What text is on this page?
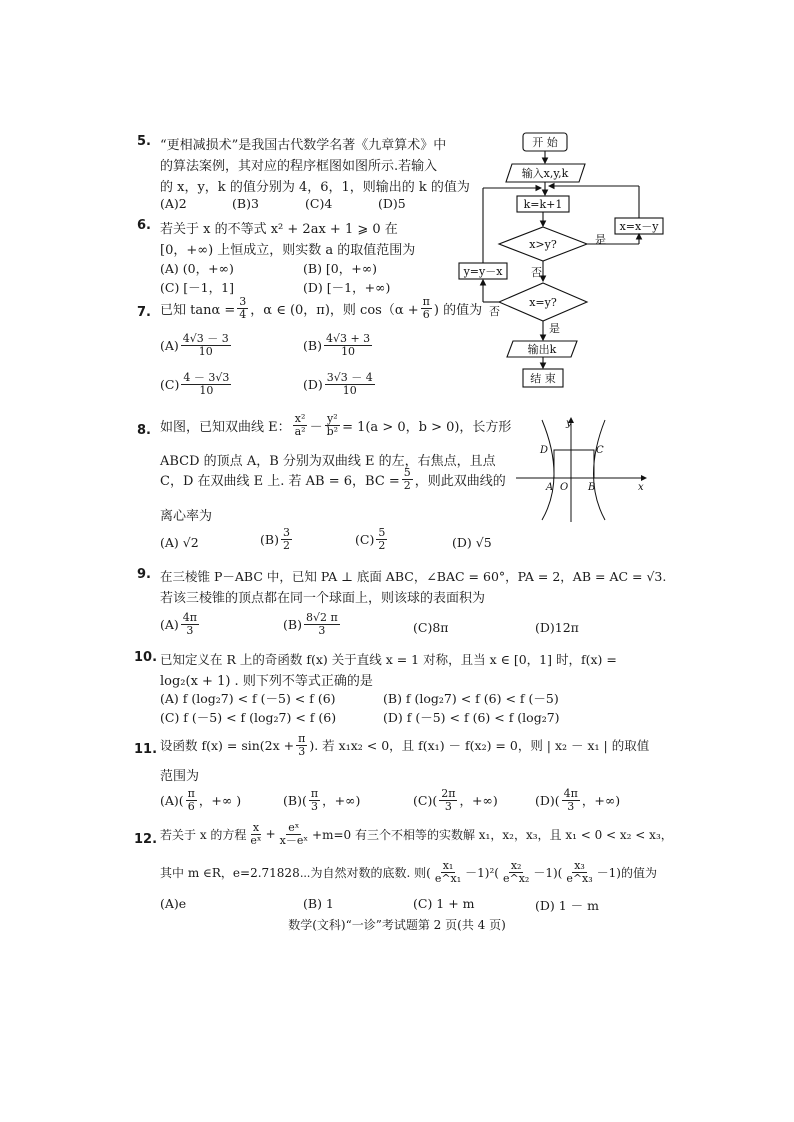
5. “更相减损术”是我国古代数学名著《九章算术》中
的算法案例，其对应的程序框图如图所示.若输入
的 x，y，k 的值分别为 4，6，1，则输出的 k 的值为
(A)2	(B)3	(C)4	(D)5
开 始
输入x,y,k
k=k+1
x>y?
x=x－y
是
否
y=y－x
x=y?
否
是
输出k
结 束
6. 若关于 x 的不等式 x² + 2ax + 1 ⩾ 0 在
[0，+∞) 上恒成立，则实数 a 的取值范围为
(A) (0，+∞)	(B) [0，+∞)
(C) [－1，1]	(D) [－1，+∞)
7. 已知 $\tan\alpha = \frac{3}{4}$ ，α ∈ (0，π)，则 $\cos(\alpha + \frac{\pi}{6}$ ) 的值为
$(A) \frac{4√3 - 3}{10}$	$(B) \frac{4√3 + 3}{10}$
$(C) \frac{4 - 3√3}{10}$	$(D) \frac{3√3 - 4}{10}$
8. 如图，已知双曲线 E： $\frac{\text{x²}}{\text{a²}} - \frac{\text{y²}}{\text{b²}} = 1(a > 0$，b > 0)，长方形
ABCD 的顶点 A，B 分别为双曲线 E 的左，右焦点，且点
C，D 在双曲线 E 上. 若 AB = 6，BC = $\frac{5}{2}$ ，则此双曲线的
离心率为
(A) √2	$(B) \frac{3}{2}$	$(C) \frac{5}{2}$	(D) √5
y
x
O
A	B
C
D
9. 在三棱锥 P－ABC 中，已知 PA ⊥ 底面 ABC，∠BAC = 60°，PA = 2，AB = AC = √3.
若该三棱锥的顶点都在同一个球面上，则该球的表面积为
$(A) \frac{4\pi}{3}$	$(B) \frac{8√2 \pi}{3}$	(C)8π	(D)12π
10. 已知定义在 R 上的奇函数 f(x) 关于直线 x = 1 对称，且当 x ∈ [0，1] 时，f(x) =
log₂(x + 1) . 则下列不等式正确的是
(A) f (log₂7) < f (－5) < f (6)	(B) f (log₂7) < f (6) < f (－5)
(C) f (－5) < f (log₂7) < f (6)	(D) f (－5) < f (6) < f (log₂7)
11. 设函数 $f(x) = \sin(2x + \frac{\pi}{3}$ ). 若 x₁x₂ < 0，且 f(x₁) － f(x₂) = 0，则 | x₂ － x₁ | 的取值
范围为
$(A)( \frac{\pi}{6}$ ，+∞ )	$(B)( \frac{\pi}{3}$ ，+∞)	$(C)( \frac{2\pi}{3}$ ，+∞)	$(D)( \frac{4\pi}{3}$ ，+∞)
12. 若关于 x 的方程 $\frac{x}{\text{eˣ}} + \frac{\text{eˣ}}{\text{x－eˣ}} +m=0$ 有三个不相等的实数解 x₁，x₂，x₃，且 x₁ < 0 < x₂ < x₃，
其中 m ∈R，e=2.71828⋯为自然对数的底数. 则( $\frac{\text{x₁}}{\text{e\textasciicircum{}x₁}} -1)^2( \frac{\text{x₂}}{\text{e\textasciicircum{}x₂}} -1)( \frac{\text{x₃}}{\text{e\textasciicircum{}x₃}} -1)$的值为
(A)e	(B) 1	(C) 1 + m	(D) 1 － m
数学(文科)“一诊”考试题第 2 页(共 4 页)
